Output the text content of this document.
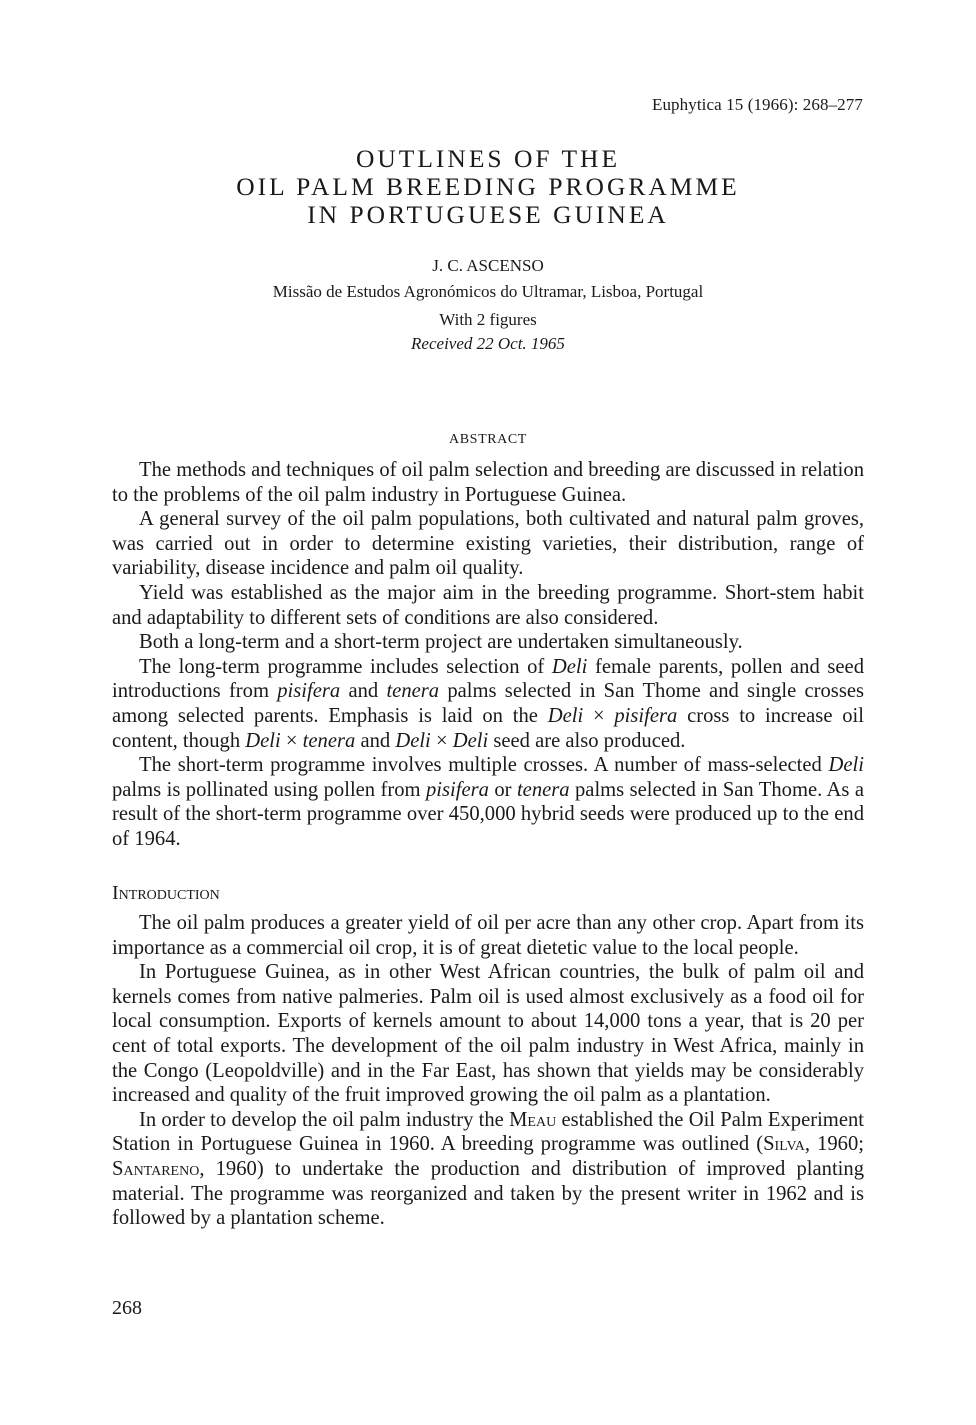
Euphytica 15 (1966): 268–277
OUTLINES OF THE
OIL PALM BREEDING PROGRAMME
IN PORTUGUESE GUINEA
J. C. ASCENSO
Missão de Estudos Agronómicos do Ultramar, Lisboa, Portugal
With 2 figures
Received 22 Oct. 1965
ABSTRACT

The methods and techniques of oil palm selection and breeding are discussed in relation to the problems of the oil palm industry in Portuguese Guinea.

A general survey of the oil palm populations, both cultivated and natural palm groves, was carried out in order to determine existing varieties, their distribution, range of variability, disease incidence and palm oil quality.

Yield was established as the major aim in the breeding programme. Short-stem habit and adaptability to different sets of conditions are also considered.

Both a long-term and a short-term project are undertaken simultaneously.

The long-term programme includes selection of Deli female parents, pollen and seed introductions from pisifera and tenera palms selected in San Thome and single crosses among selected parents. Emphasis is laid on the Deli × pisifera cross to increase oil content, though Deli × tenera and Deli × Deli seed are also produced.

The short-term programme involves multiple crosses. A number of mass-selected Deli palms is pollinated using pollen from pisifera or tenera palms selected in San Thome. As a result of the short-term programme over 450,000 hybrid seeds were produced up to the end of 1964.

Introduction

The oil palm produces a greater yield of oil per acre than any other crop. Apart from its importance as a commercial oil crop, it is of great dietetic value to the local people.

In Portuguese Guinea, as in other West African countries, the bulk of palm oil and kernels comes from native palmeries. Palm oil is used almost exclusively as a food oil for local consumption. Exports of kernels amount to about 14,000 tons a year, that is 20 per cent of total exports. The development of the oil palm industry in West Africa, mainly in the Congo (Leopoldville) and in the Far East, has shown that yields may be considerably increased and quality of the fruit improved growing the oil palm as a plantation.

In order to develop the oil palm industry the Meau established the Oil Palm Experiment Station in Portuguese Guinea in 1960. A breeding programme was outlined (Silva, 1960; Santareno, 1960) to undertake the production and distribution of improved planting material. The programme was reorganized and taken by the present writer in 1962 and is followed by a plantation scheme.

268
